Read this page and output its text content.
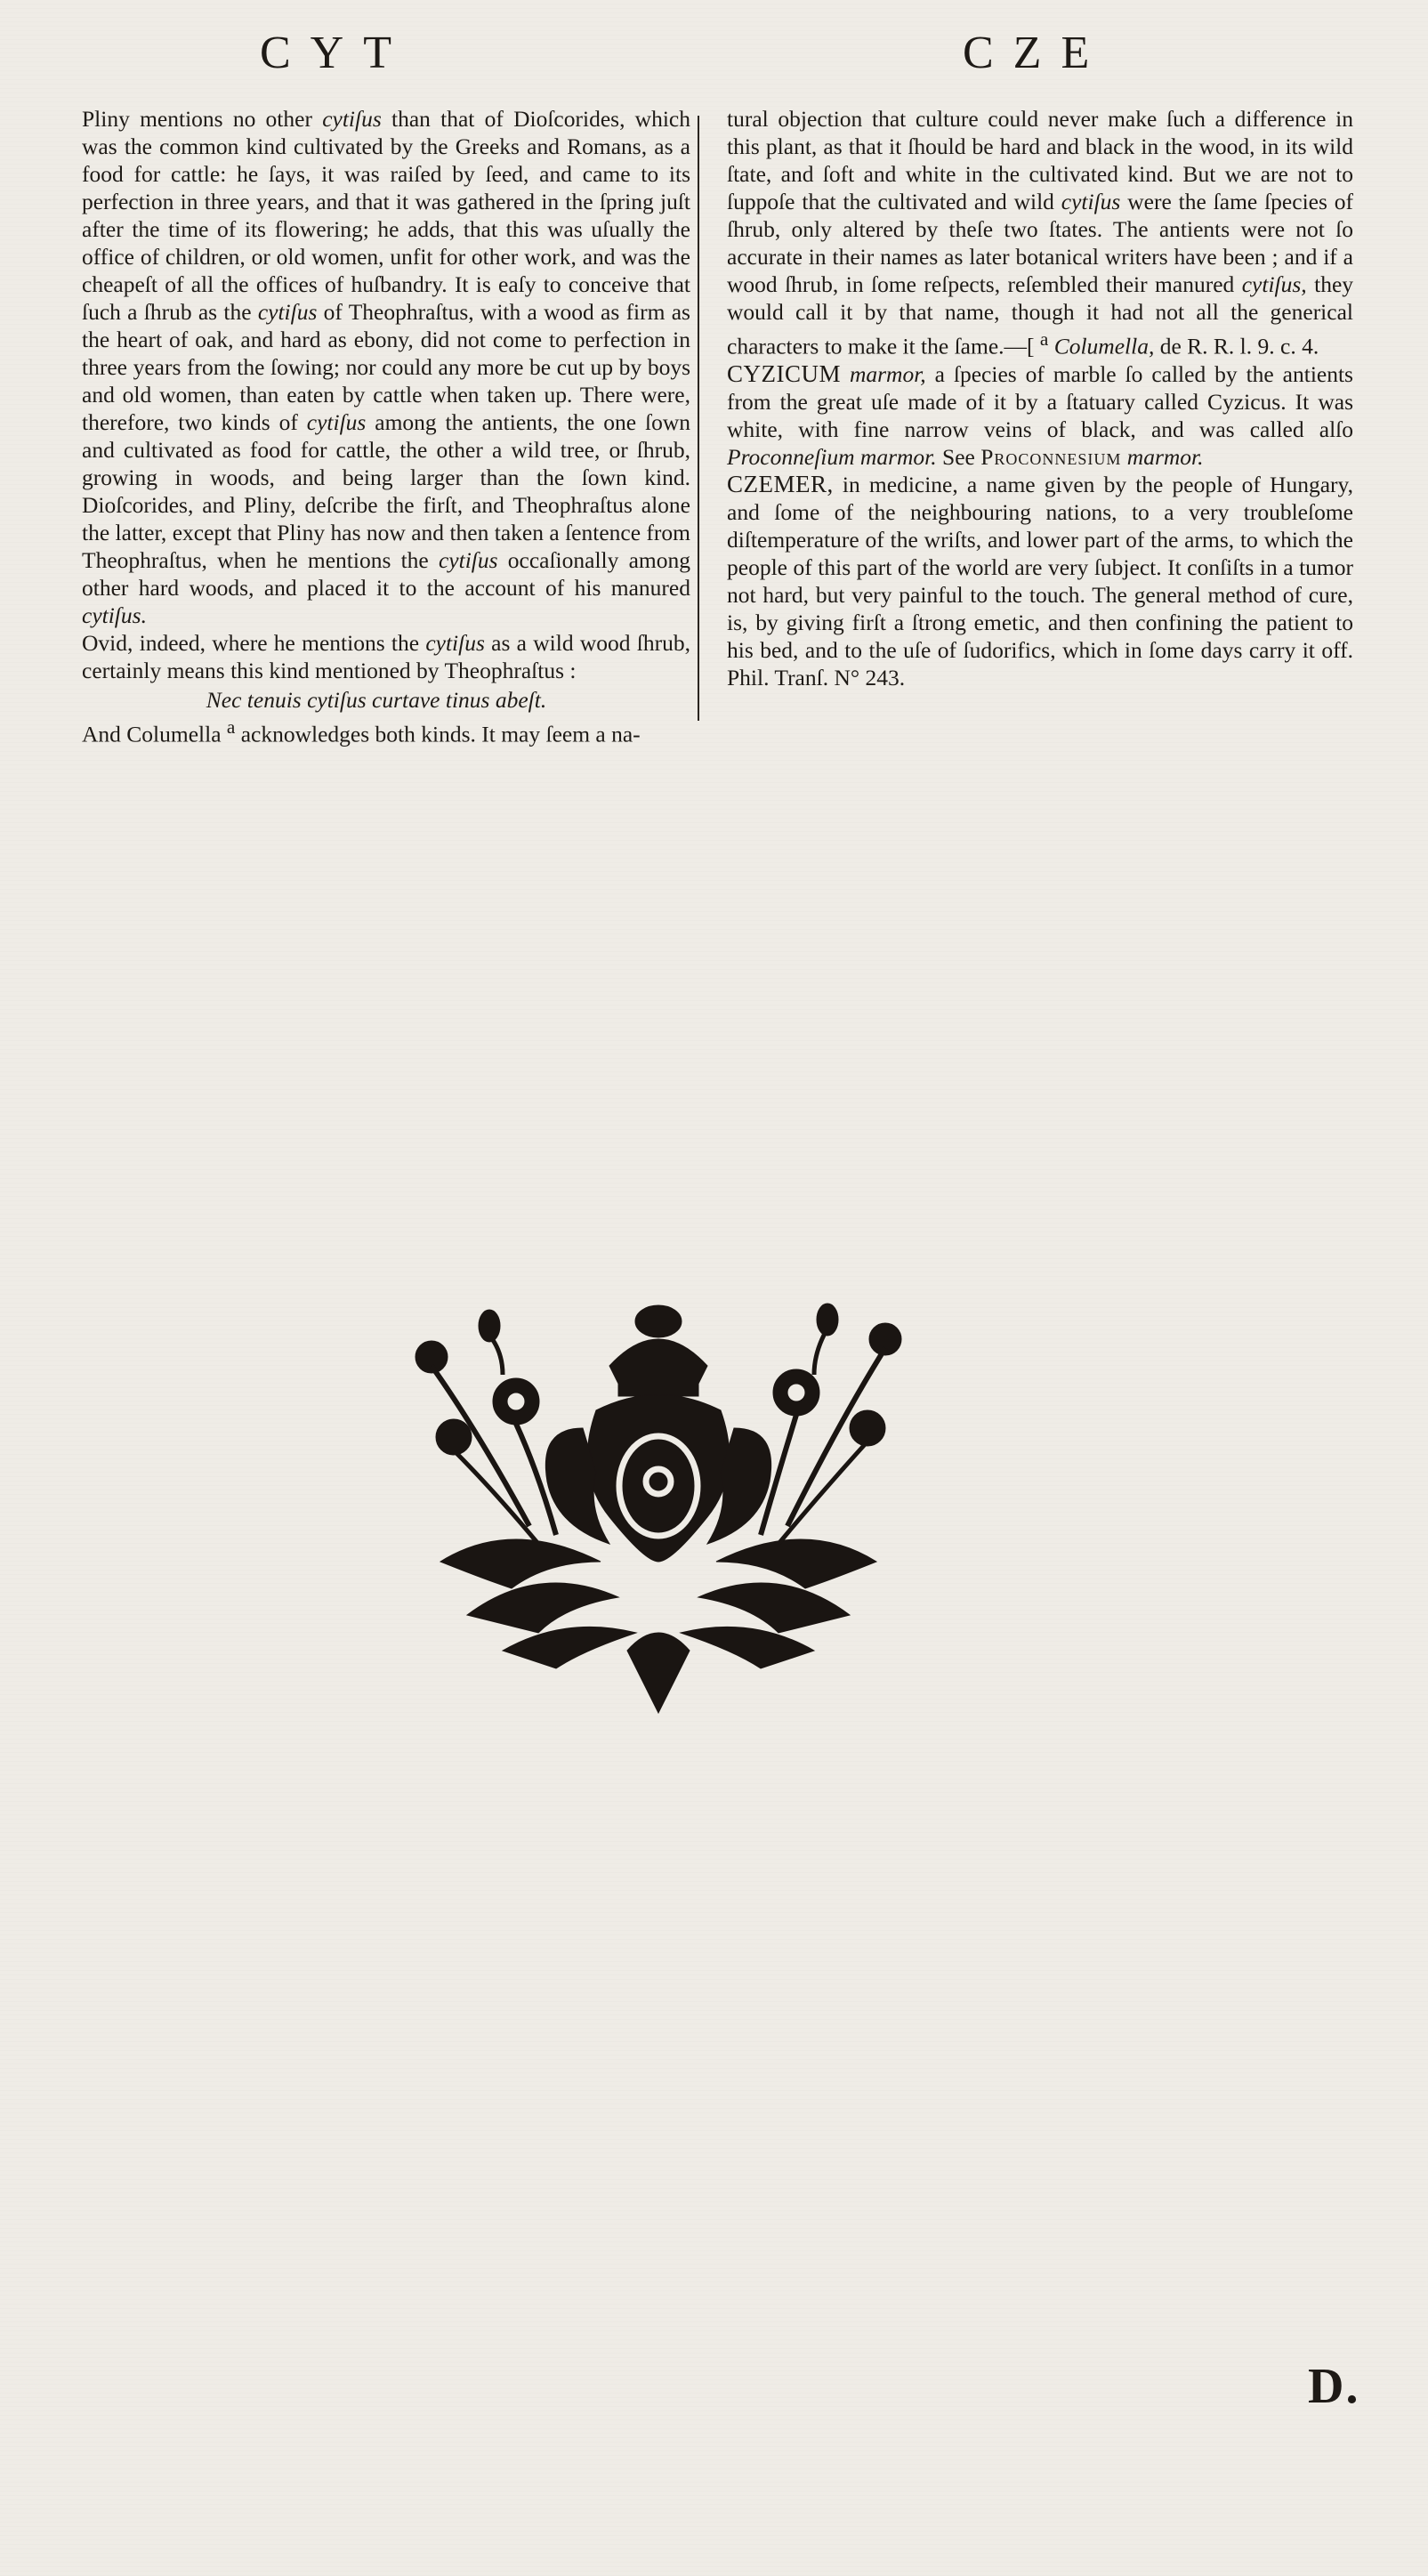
CYT	CZE

Pliny mentions no other cytiſus than that of Dioſcorides, which was the common kind cultivated by the Greeks and Romans, as a food for cattle: he ſays, it was raiſed by ſeed, and came to its perfection in three years, and that it was gathered in the ſpring juſt after the time of its flowering; he adds, that this was uſually the office of children, or old women, unfit for other work, and was the cheapeſt of all the offices of huſbandry. It is eaſy to conceive that ſuch a ſhrub as the cytiſus of Theophraſtus, with a wood as firm as the heart of oak, and hard as ebony, did not come to perfection in three years from the ſowing; nor could any more be cut up by boys and old women, than eaten by cattle when taken up. There were, therefore, two kinds of cytiſus among the antients, the one ſown and cultivated as food for cattle, the other a wild tree, or ſhrub, growing in woods, and being larger than the ſown kind. Dioſcorides, and Pliny, deſcribe the firſt, and Theophraſtus alone the latter, except that Pliny has now and then taken a ſentence from Theophraſtus, when he mentions the cytiſus occaſionally among other hard woods, and placed it to the account of his manured cytiſus.

Ovid, indeed, where he mentions the cytiſus as a wild wood ſhrub, certainly means this kind mentioned by Theophraſtus :

Nec tenuis cytiſus curtave tinus abeſt.

And Columella $^a$ acknowledges both kinds. It may ſeem a na-

tural objection that culture could never make ſuch a difference in this plant, as that it ſhould be hard and black in the wood, in its wild ſtate, and ſoft and white in the cultivated kind. But we are not to ſuppoſe that the cultivated and wild cytiſus were the ſame ſpecies of ſhrub, only altered by theſe two ſtates. The antients were not ſo accurate in their names as later botanical writers have been ; and if a wood ſhrub, in ſome reſpects, reſembled their manured cytiſus, they would call it by that name, though it had not all the generical characters to make it the ſame.—[ $^a$ Columella, de R. R. l. 9. c. 4.

CYZICUM marmor, a ſpecies of marble ſo called by the antients from the great uſe made of it by a ſtatuary called Cyzicus. It was white, with fine narrow veins of black, and was called alſo Proconneſium marmor. See Proconnesium marmor.

CZEMER, in medicine, a name given by the people of Hungary, and ſome of the neighbouring nations, to a very troubleſome diſtemperature of the wriſts, and lower part of the arms, to which the people of this part of the world are very ſubject. It conſiſts in a tumor not hard, but very painful to the touch. The general method of cure, is, by giving firſt a ſtrong emetic, and then confining the patient to his bed, and to the uſe of ſudorifics, which in ſome days carry it off. Phil. Tranſ. N° 243.

D.
